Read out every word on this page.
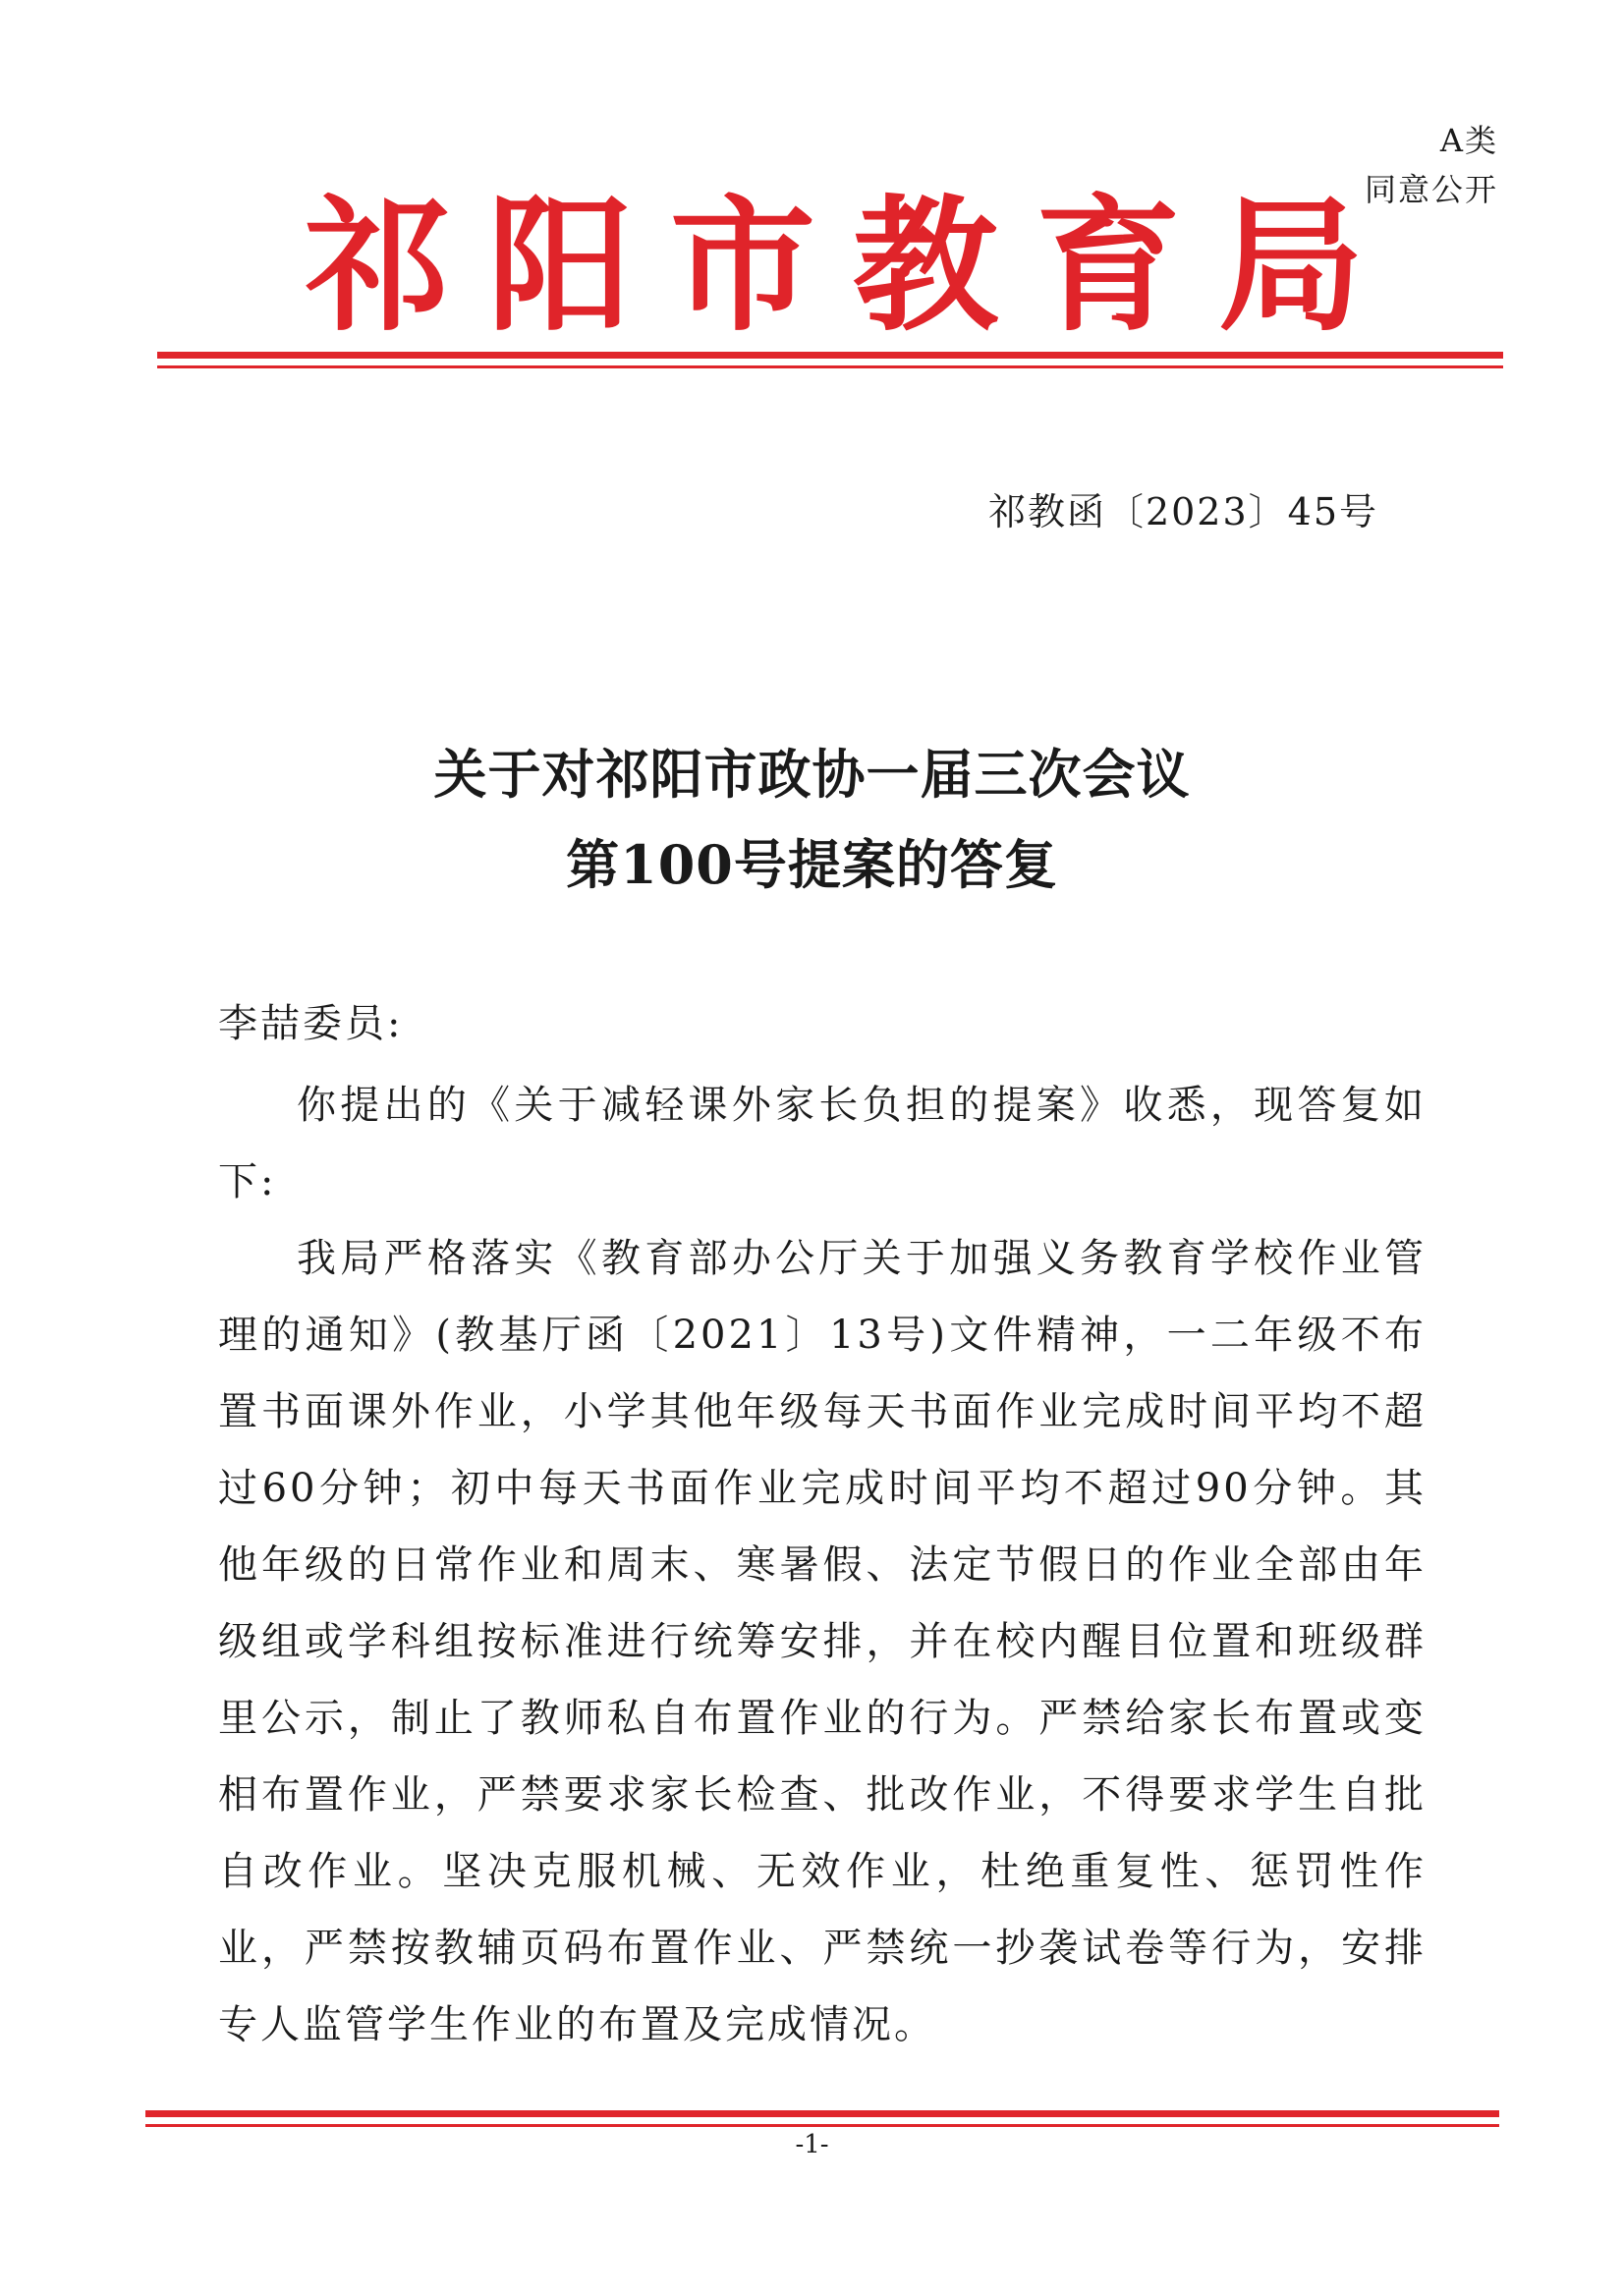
A类
同意公开
祁阳市教育局
祁教函〔2023〕45号
关于对祁阳市政协一届三次会议
第100号提案的答复
李喆委员:

你提出的《关于减轻课外家长负担的提案》收悉，现答复如下:

我局严格落实《教育部办公厅关于加强义务教育学校作业管理的通知》(教基厅函〔2021〕13号)文件精神，一二年级不布置书面课外作业，小学其他年级每天书面作业完成时间平均不超过60分钟；初中每天书面作业完成时间平均不超过90分钟。其他年级的日常作业和周末、寒暑假、法定节假日的作业全部由年级组或学科组按标准进行统筹安排，并在校内醒目位置和班级群里公示，制止了教师私自布置作业的行为。严禁给家长布置或变相布置作业，严禁要求家长检查、批改作业，不得要求学生自批自改作业。坚决克服机械、无效作业，杜绝重复性、惩罚性作业，严禁按教辅页码布置作业、严禁统一抄袭试卷等行为，安排专人监管学生作业的布置及完成情况。

-1-
